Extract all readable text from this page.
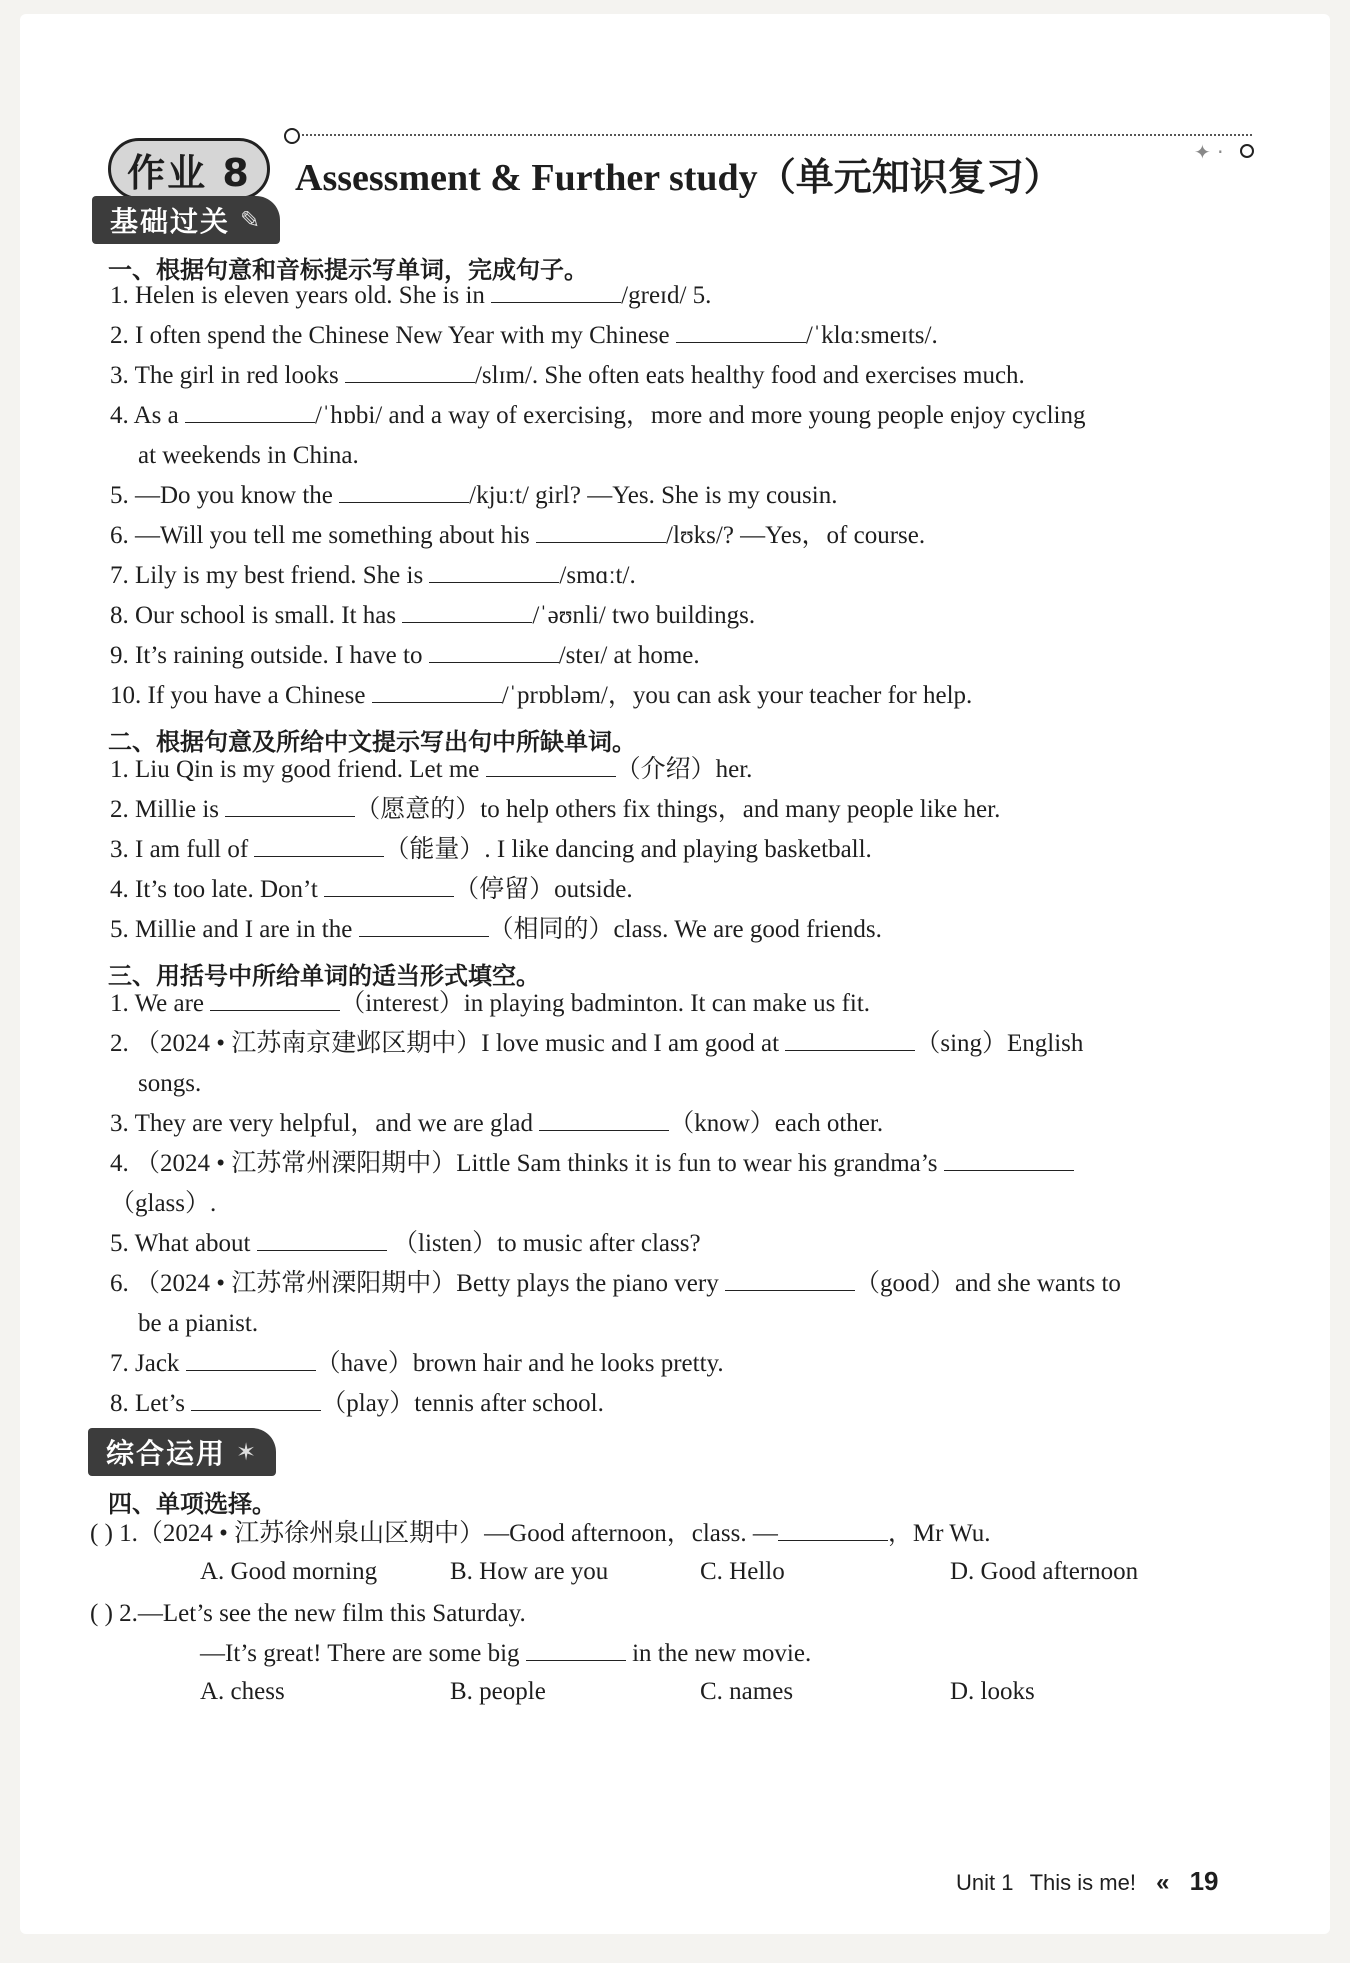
作业 8	Assessment & Further study（单元知识复习）
✦ ·
基础过关 ✎
一、根据句意和音标提示写单词，完成句子。
1. Helen is eleven years old. She is in	/greɪd/ 5.
2. I often spend the Chinese New Year with my Chinese	/ˈklɑːsmeɪts/.
3. The girl in red looks	/slɪm/. She often eats healthy food and exercises much.
4. As a	/ˈhɒbi/ and a way of exercising，more and more young people enjoy cycling
at weekends in China.
5. —Do you know the	/kjuːt/ girl? —Yes. She is my cousin.
6. —Will you tell me something about his	/lʊks/? —Yes，of course.
7. Lily is my best friend. She is	/smɑːt/.
8. Our school is small. It has	/ˈəʊnli/ two buildings.
9. It’s raining outside. I have to	/steɪ/ at home.
10. If you have a Chinese	/ˈprɒbləm/，you can ask your teacher for help.
二、根据句意及所给中文提示写出句中所缺单词。
1. Liu Qin is my good friend. Let me	（介绍）her.
2. Millie is	（愿意的）to help others fix things，and many people like her.
3. I am full of	（能量）. I like dancing and playing basketball.
4. It’s too late. Don’t	（停留）outside.
5. Millie and I are in the	（相同的）class. We are good friends.
三、用括号中所给单词的适当形式填空。
1. We are	（interest）in playing badminton. It can make us fit.
2. （2024 • 江苏南京建邺区期中）I love music and I am good at	（sing）English
songs.
3. They are very helpful，and we are glad	（know）each other.
4. （2024 • 江苏常州溧阳期中）Little Sam thinks it is fun to wear his grandma’s
（glass）.
5. What about	（listen）to music after class?
6. （2024 • 江苏常州溧阳期中）Betty plays the piano very	（good）and she wants to
be a pianist.
7. Jack	（have）brown hair and he looks pretty.
8. Let’s	（play）tennis after school.
综合运用 ✶
四、单项选择。
( ) 1.（2024 • 江苏徐州泉山区期中）—Good afternoon，class. —	，Mr Wu.
A. Good morning	B. How are you	C. Hello	D. Good afternoon
( ) 2.—Let’s see the new film this Saturday.
—It’s great! There are some big	in the new movie.
A. chess	B. people	C. names	D. looks
Unit 1 This is me! « 19
